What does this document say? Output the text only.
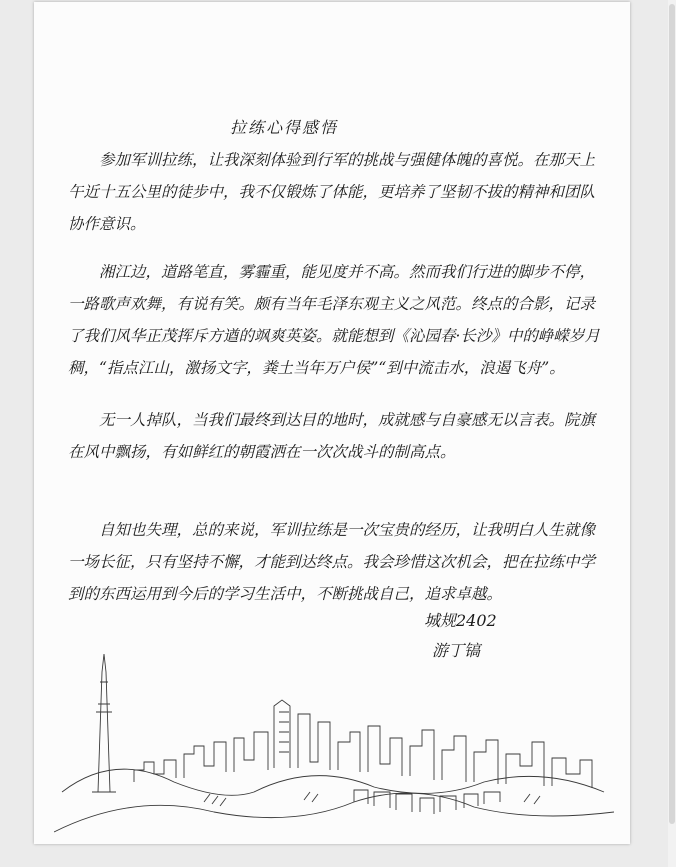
拉练心得感悟

参加军训拉练，让我深刻体验到行军的挑战与强健体魄的喜悦。在那天上午近十五公里的徒步中，我不仅锻炼了体能，更培养了坚韧不拔的精神和团队协作意识。

湘江边，道路笔直，雾霾重，能见度并不高。然而我们行进的脚步不停，一路歌声欢舞，有说有笑。颇有当年毛泽东观主义之风范。终点的合影，记录了我们风华正茂挥斥方遒的飒爽英姿。就能想到《沁园春·长沙》中的峥嵘岁月稠，“指点江山，激扬文字，粪土当年万户侯”“到中流击水，浪遏飞舟”。

无一人掉队，当我们最终到达目的地时，成就感与自豪感无以言表。院旗在风中飘扬，有如鲜红的朝霞洒在一次次战斗的制高点。

自知也失理，总的来说，军训拉练是一次宝贵的经历，让我明白人生就像一场长征，只有坚持不懈，才能到达终点。我会珍惜这次机会，把在拉练中学到的东西运用到今后的学习生活中，不断挑战自己，追求卓越。

城规2402
游丁镐
